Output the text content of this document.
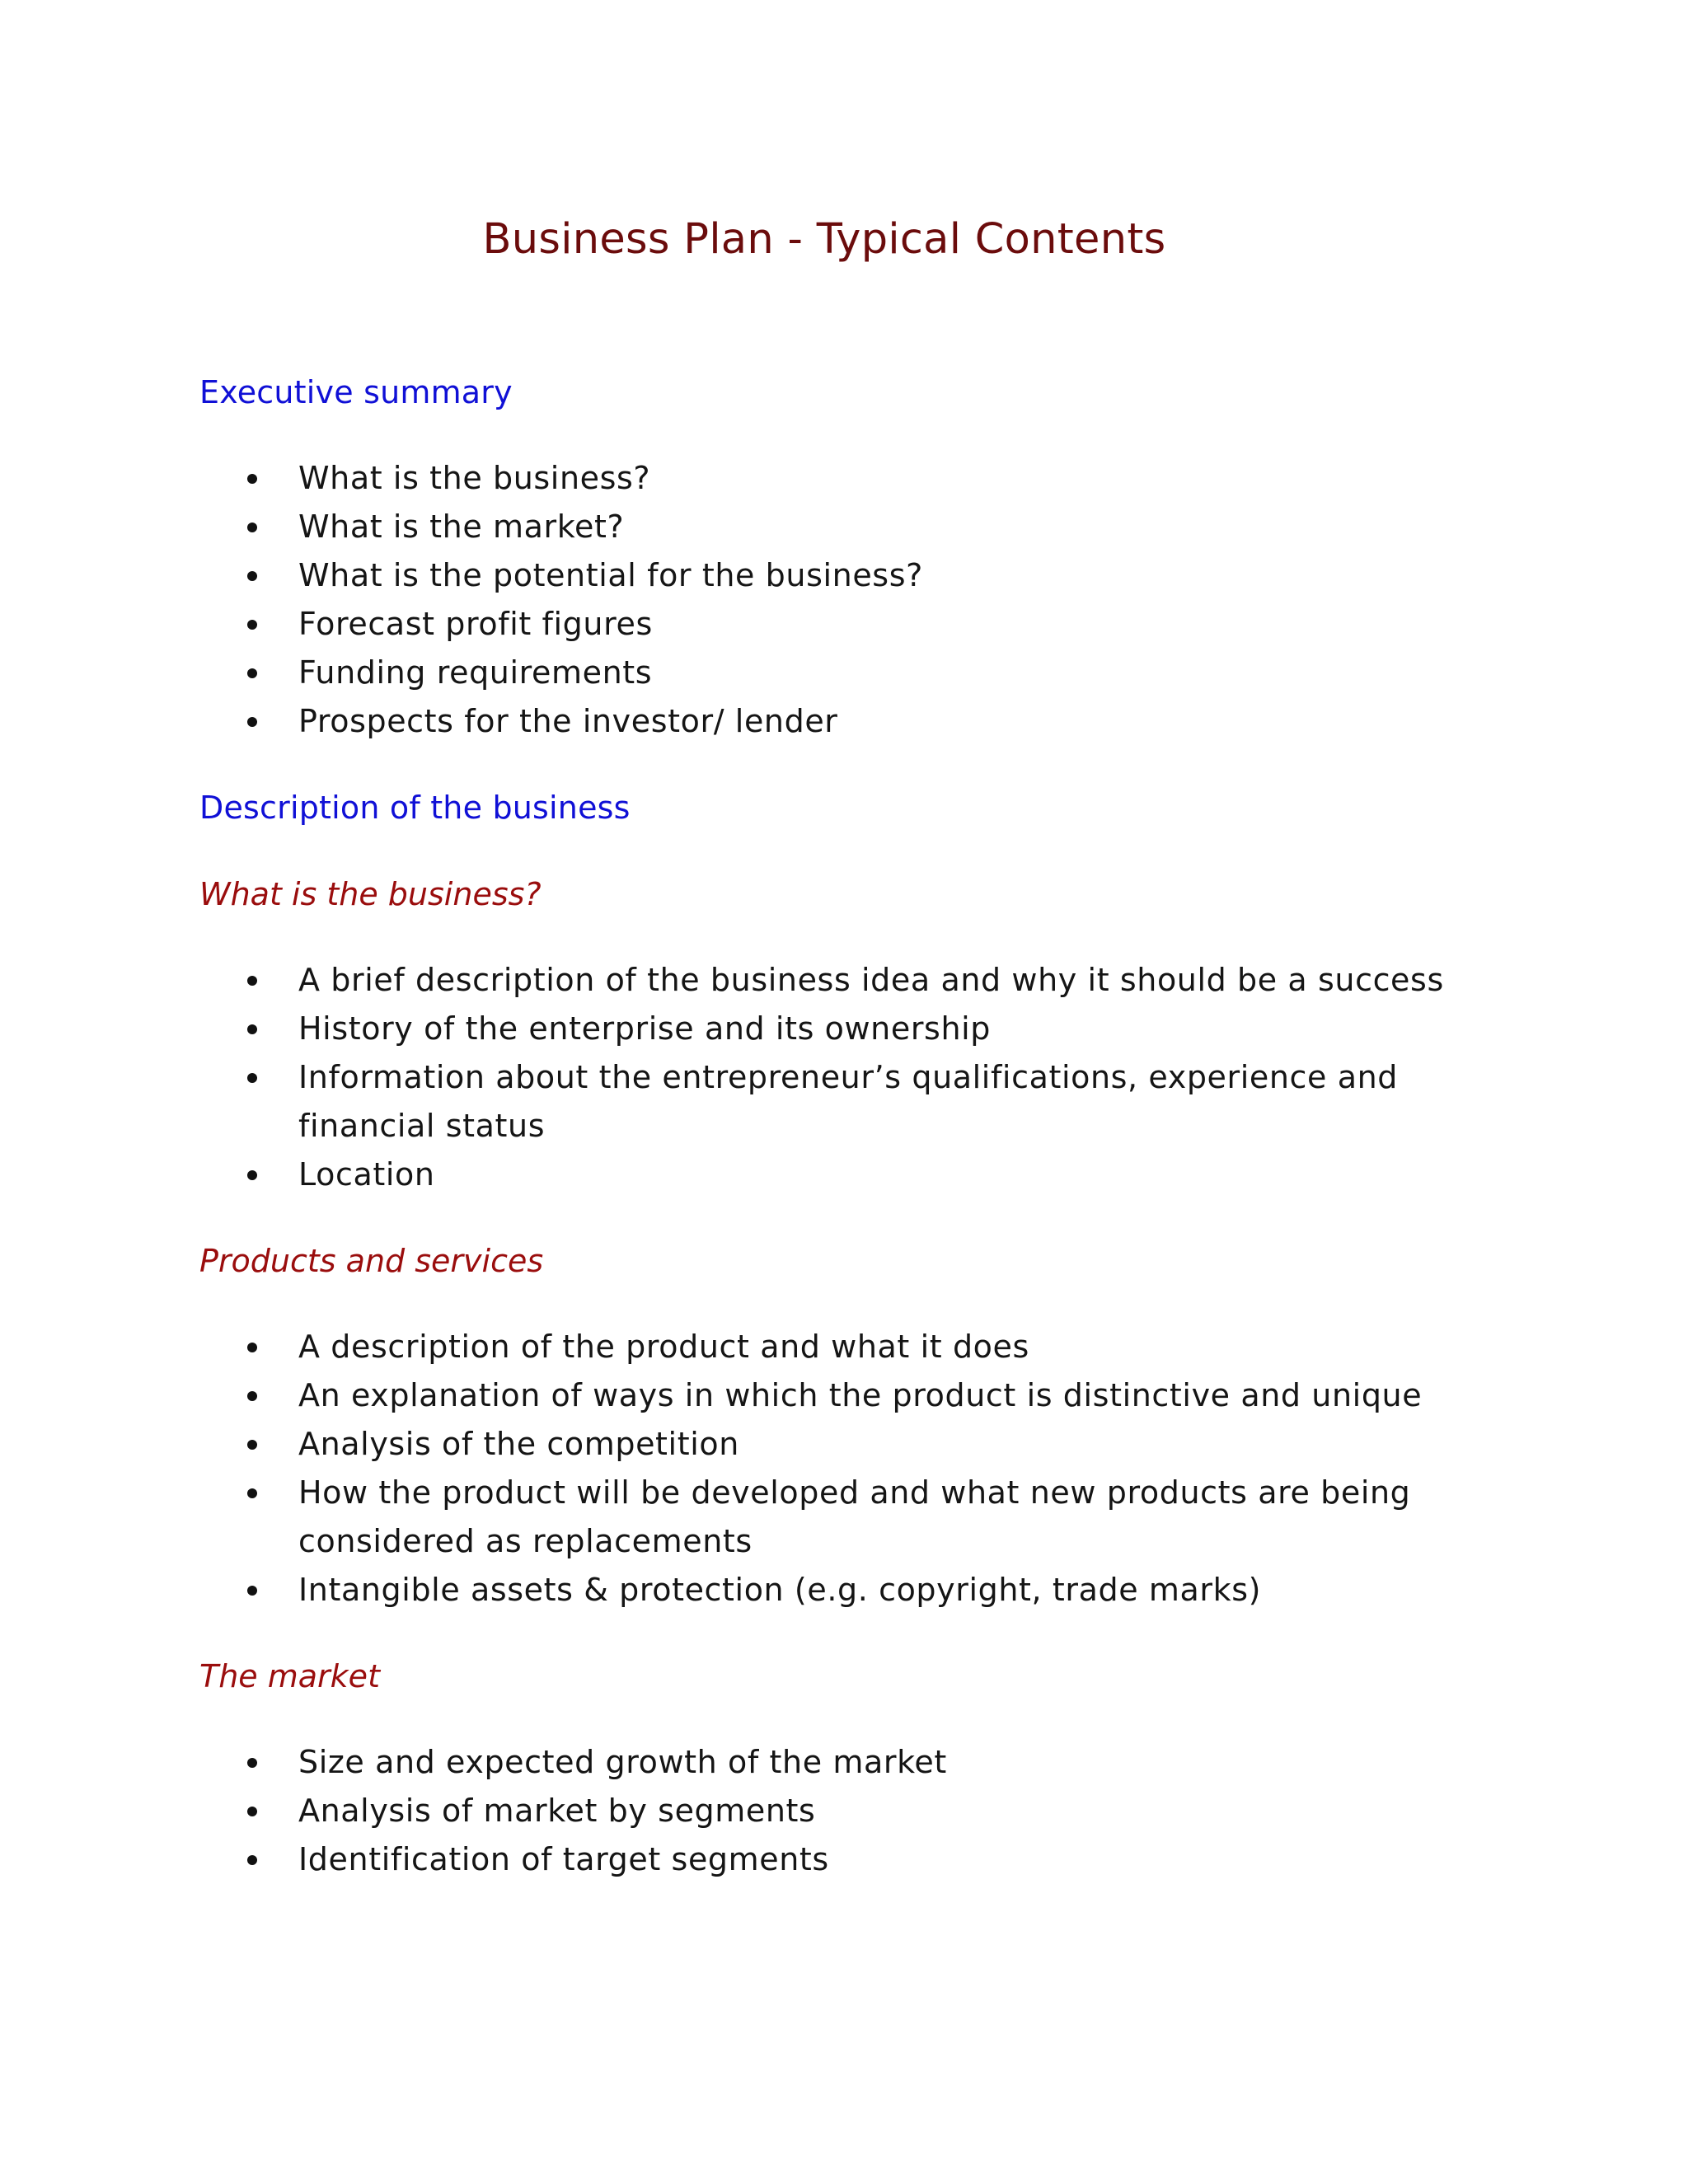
Business Plan - Typical Contents
Executive summary
What is the business?
What is the market?
What is the potential for the business?
Forecast profit figures
Funding requirements
Prospects for the investor/ lender
Description of the business
What is the business?
A brief description of the business idea and why it should be a success
History of the enterprise and its ownership
Information about the entrepreneur’s qualifications, experience and financial status
Location
Products and services
A description of the product and what it does
An explanation of ways in which the product is distinctive and unique
Analysis of the competition
How the product will be developed and what new products are being considered as replacements
Intangible assets & protection (e.g. copyright, trade marks)
The market
Size and expected growth of the market
Analysis of market by segments
Identification of target segments
